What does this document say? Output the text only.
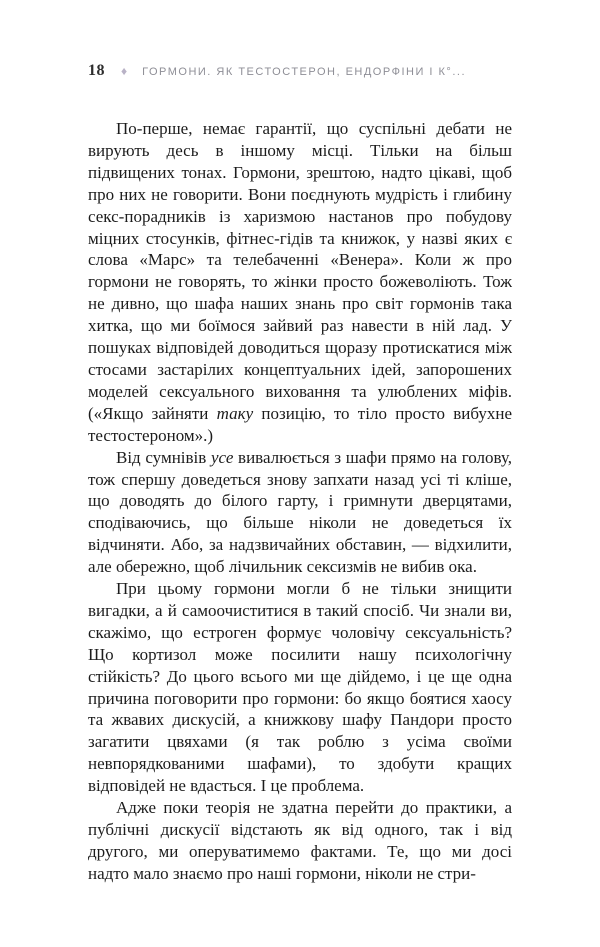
18 ♦ ГОРМОНИ. ЯК ТЕСТОСТЕРОН, ЕНДОРФІНИ І К°...

По-перше, немає гарантії, що суспільні дебати не вирують десь в іншому місці. Тільки на більш підвищених тонах. Гормони, зрештою, надто цікаві, щоб про них не говорити. Вони поєднують мудрість і глибину секс-порадників із харизмою настанов про побудову міцних стосунків, фітнес-гідів та книжок, у назві яких є слова «Марс» та телебаченні «Венера». Коли ж про гормони не говорять, то жінки просто божеволіють. Тож не дивно, що шафа наших знань про світ гормонів така хитка, що ми боїмося зайвий раз навести в ній лад. У пошуках відповідей доводиться щоразу протискатися між стосами застарілих концептуальних ідей, запорошених моделей сексуального виховання та улюблених міфів. («Якщо зайняти таку позицію, то тіло просто вибухне тестостероном».)

Від сумнівів усе вивалюється з шафи прямо на голову, тож спершу доведеться знову запхати назад усі ті кліше, що доводять до білого гарту, і гримнути дверцятами, сподіваючись, що більше ніколи не доведеться їх відчиняти. Або, за надзвичайних обставин, — відхилити, але обережно, щоб лічильник сексизмів не вибив ока.

При цьому гормони могли б не тільки знищити вигадки, а й самоочиститися в такий спосіб. Чи знали ви, скажімо, що естроген формує чоловічу сексуальність? Що кортизол може посилити нашу психологічну стійкість? До цього всього ми ще дійдемо, і це ще одна причина поговорити про гормони: бо якщо боятися хаосу та жвавих дискусій, а книжкову шафу Пандори просто загатити цвяхами (я так роблю з усіма своїми невпорядкованими шафами), то здобути кращих відповідей не вдасться. І це проблема.

Адже поки теорія не здатна перейти до практики, а публічні дискусії відстають як від одного, так і від другого, ми оперуватимемо фактами. Те, що ми досі надто мало знаємо про наші гормони, ніколи не стри-
